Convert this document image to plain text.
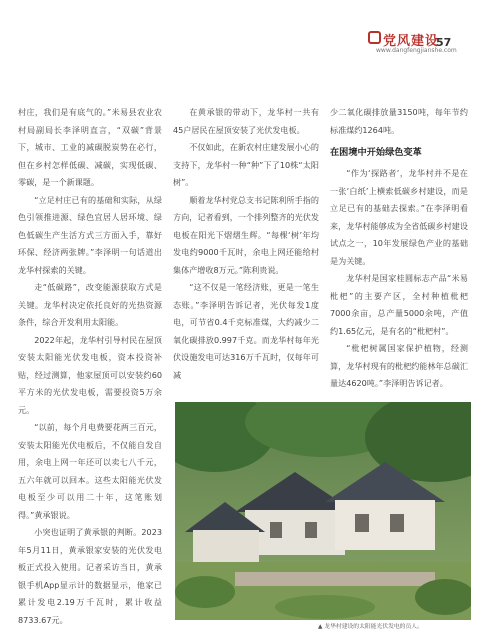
党风建设
www.dangfengjianshe.com
57

村庄，我们是有底气的。”米易县农业农村局副局长李泽明直言，“双碳”背景下，城市、工业的减碳脱炭势在必行，但在乡村怎样低碳、减碳，实现低碳、零碳，是一个新课题。

“立足村庄已有的基础和实际，从绿色引领推进源、绿色宜居人居环境、绿色低碳生产生活方式三方面入手，靠好环保、经济两张牌。”李泽明一句话道出龙华村探索的关键。

走“低碳路”，改变能源获取方式是关键。龙华村决定依托良好的光热资源条件，综合开发利用太阳能。

2022年起，龙华村引导村民在屋顶安装太阳能光伏发电板，资本投资补贴，经过测算，他家屋顶可以安装约60平方米的光伏发电板，需要投资5万余元。

“以前，每个月电费要花两三百元，安装太阳能光伏电板后，不仅能自发自用，余电上网一年还可以卖七八千元，五六年就可以回本。这些太阳能光伏发电板至少可以用二十年，这笔账划得。”黄承银说。

小突也证明了黄承银的判断。2023年5月11日，黄承银家安装的光伏发电板正式投入使用。记者采访当日，黄承银手机App显示计的数据显示，他家已累计发电2.19万千瓦时，累计收益8733.67元。

在黄承银的带动下，龙华村一共有45户居民在屋顶安装了光伏发电板。

不仅如此，在新农村庄建发展小心的支持下，龙华村一种“种”下了10株“太阳树”。

顺着龙华村党总支书记陈利所手指的方向，记者看到，一个排列整齐的光伏发电板在阳光下熠熠生辉。“每棵‘树’年均发电约9000千瓦时，余电上网还能给村集体产增收8万元。”陈利贵说。

“这不仅是一笔经济账，更是一笔生态账。”李泽明告诉记者，光伏每发1度电，可节省0.4千克标准煤，大约减少二氧化碳排放0.997千克。而龙华村每年光伏设施发电可达316万千瓦时，仅每年可减

少二氧化碳排放量3150吨，每年节约标准煤约1264吨。

在困境中开始绿色变革

“作为‘探路者’，龙华村并不是在一张‘白纸’上横索低碳乡村建设，而是立足已有的基础去探索。”在李泽明看来，龙华村能够成为全省低碳乡村建设试点之一，10年发展绿色产业的基础是为关键。

龙华村是国家桂圆标志产品“米易枇杷”的主要产区，全村种植枇杷7000余亩，总产量5000余吨，产值约1.65亿元，是有名的“枇杷村”。

“枇杷树属国家保护植物，经测算，龙华村现有的枇杷约能林年总碳汇量达4620吨。”李泽明告诉记者。

▲ 龙华村建设的太阳能光伏发电的员人。
